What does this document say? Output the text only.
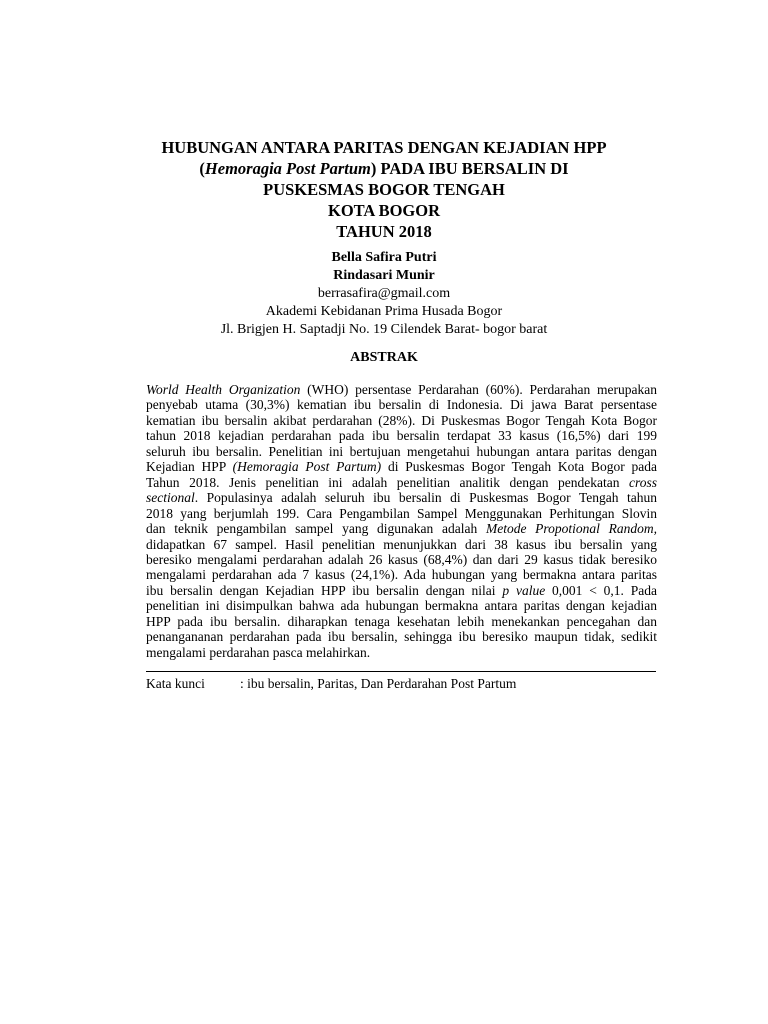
HUBUNGAN ANTARA PARITAS DENGAN KEJADIAN HPP
(Hemoragia Post Partum) PADA IBU BERSALIN DI
PUSKESMAS BOGOR TENGAH
KOTA BOGOR
TAHUN 2018
Bella Safira Putri
Rindasari Munir
berrasafira@gmail.com
Akademi Kebidanan Prima Husada Bogor
Jl. Brigjen H. Saptadji No. 19 Cilendek Barat- bogor barat
ABSTRAK
World Health Organization (WHO) persentase Perdarahan (60%). Perdarahan merupakan
penyebab utama (30,3%) kematian ibu bersalin di Indonesia. Di jawa Barat persentase
kematian ibu bersalin akibat perdarahan (28%). Di Puskesmas Bogor Tengah Kota Bogor
tahun 2018 kejadian perdarahan pada ibu bersalin terdapat 33 kasus (16,5%) dari 199
seluruh ibu bersalin. Penelitian ini bertujuan mengetahui hubungan antara paritas dengan
Kejadian HPP (Hemoragia Post Partum) di Puskesmas Bogor Tengah Kota Bogor pada
Tahun 2018. Jenis penelitian ini adalah penelitian analitik dengan pendekatan cross
sectional. Populasinya adalah seluruh ibu bersalin di Puskesmas Bogor Tengah tahun
2018 yang berjumlah 199. Cara Pengambilan Sampel Menggunakan Perhitungan Slovin
dan teknik pengambilan sampel yang digunakan adalah Metode Propotional Random,
didapatkan 67 sampel. Hasil penelitian menunjukkan dari 38 kasus ibu bersalin yang
beresiko mengalami perdarahan adalah 26 kasus (68,4%) dan dari 29 kasus tidak beresiko
mengalami perdarahan ada 7 kasus (24,1%). Ada hubungan yang bermakna antara paritas
ibu bersalin dengan Kejadian HPP ibu bersalin dengan nilai p value 0,001 < 0,1. Pada
penelitian ini disimpulkan bahwa ada hubungan bermakna antara paritas dengan kejadian
HPP pada ibu bersalin. diharapkan tenaga kesehatan lebih menekankan pencegahan dan
penangananan perdarahan pada ibu bersalin, sehingga ibu beresiko maupun tidak, sedikit
mengalami perdarahan pasca melahirkan.
Kata kunci	: ibu bersalin, Paritas, Dan Perdarahan Post Partum
